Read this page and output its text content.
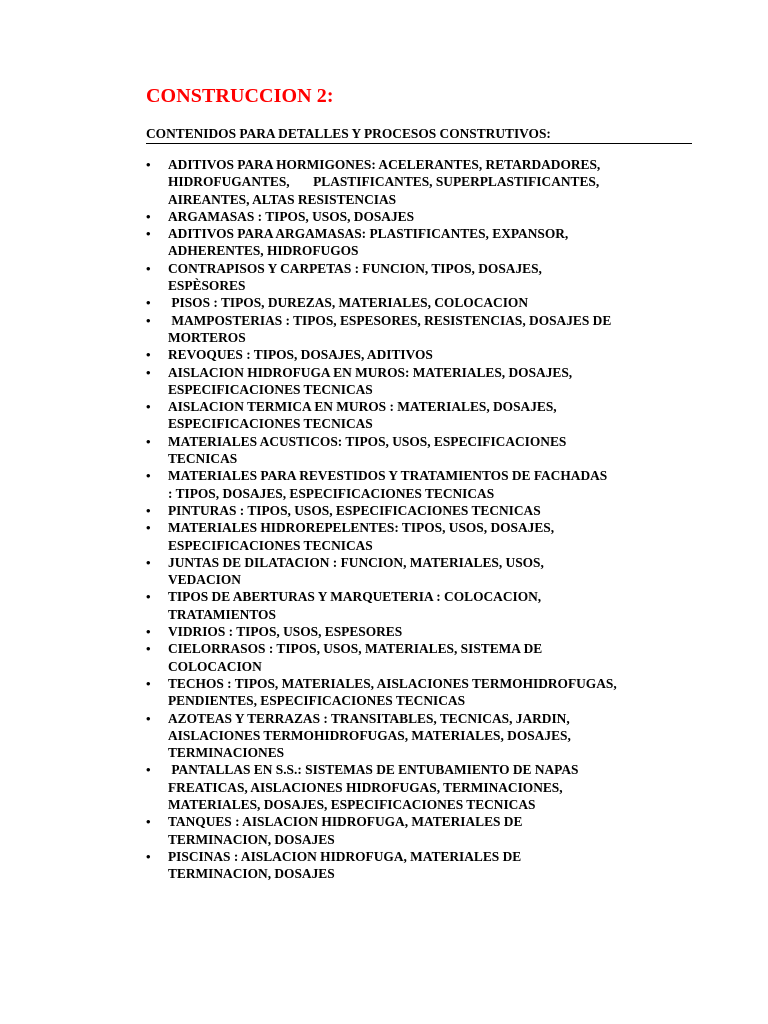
CONSTRUCCION 2:
CONTENIDOS PARA DETALLES Y PROCESOS CONSTRUTIVOS:
•	ADITIVOS PARA HORMIGONES: ACELERANTES, RETARDADORES,
HIDROFUGANTES,       PLASTIFICANTES, SUPERPLASTIFICANTES,
AIREANTES, ALTAS RESISTENCIAS
•	ARGAMASAS : TIPOS, USOS, DOSAJES
•	ADITIVOS PARA ARGAMASAS: PLASTIFICANTES, EXPANSOR,
ADHERENTES, HIDROFUGOS
•	CONTRAPISOS Y CARPETAS : FUNCION, TIPOS, DOSAJES,
ESPÈSORES
•	PISOS : TIPOS, DUREZAS, MATERIALES, COLOCACION
•	MAMPOSTERIAS : TIPOS, ESPESORES, RESISTENCIAS, DOSAJES DE
MORTEROS
•	REVOQUES : TIPOS, DOSAJES, ADITIVOS
•	AISLACION HIDROFUGA EN MUROS: MATERIALES, DOSAJES,
ESPECIFICACIONES TECNICAS
•	AISLACION TERMICA EN MUROS : MATERIALES, DOSAJES,
ESPECIFICACIONES TECNICAS
•	MATERIALES ACUSTICOS: TIPOS, USOS, ESPECIFICACIONES
TECNICAS
•	MATERIALES PARA REVESTIDOS Y TRATAMIENTOS DE FACHADAS
: TIPOS, DOSAJES, ESPECIFICACIONES TECNICAS
•	PINTURAS : TIPOS, USOS, ESPECIFICACIONES TECNICAS
•	MATERIALES HIDROREPELENTES: TIPOS, USOS, DOSAJES,
ESPECIFICACIONES TECNICAS
•	JUNTAS DE DILATACION : FUNCION, MATERIALES, USOS,
VEDACION
•	TIPOS DE ABERTURAS Y MARQUETERIA : COLOCACION,
TRATAMIENTOS
•	VIDRIOS : TIPOS, USOS, ESPESORES
•	CIELORRASOS : TIPOS, USOS, MATERIALES, SISTEMA DE
COLOCACION
•	TECHOS : TIPOS, MATERIALES, AISLACIONES TERMOHIDROFUGAS,
PENDIENTES, ESPECIFICACIONES TECNICAS
•	AZOTEAS Y TERRAZAS : TRANSITABLES, TECNICAS, JARDIN,
AISLACIONES TERMOHIDROFUGAS, MATERIALES, DOSAJES,
TERMINACIONES
•	PANTALLAS EN S.S.: SISTEMAS DE ENTUBAMIENTO DE NAPAS
FREATICAS, AISLACIONES HIDROFUGAS, TERMINACIONES,
MATERIALES, DOSAJES, ESPECIFICACIONES TECNICAS
•	TANQUES : AISLACION HIDROFUGA, MATERIALES DE
TERMINACION, DOSAJES
•	PISCINAS : AISLACION HIDROFUGA, MATERIALES DE
TERMINACION, DOSAJES
